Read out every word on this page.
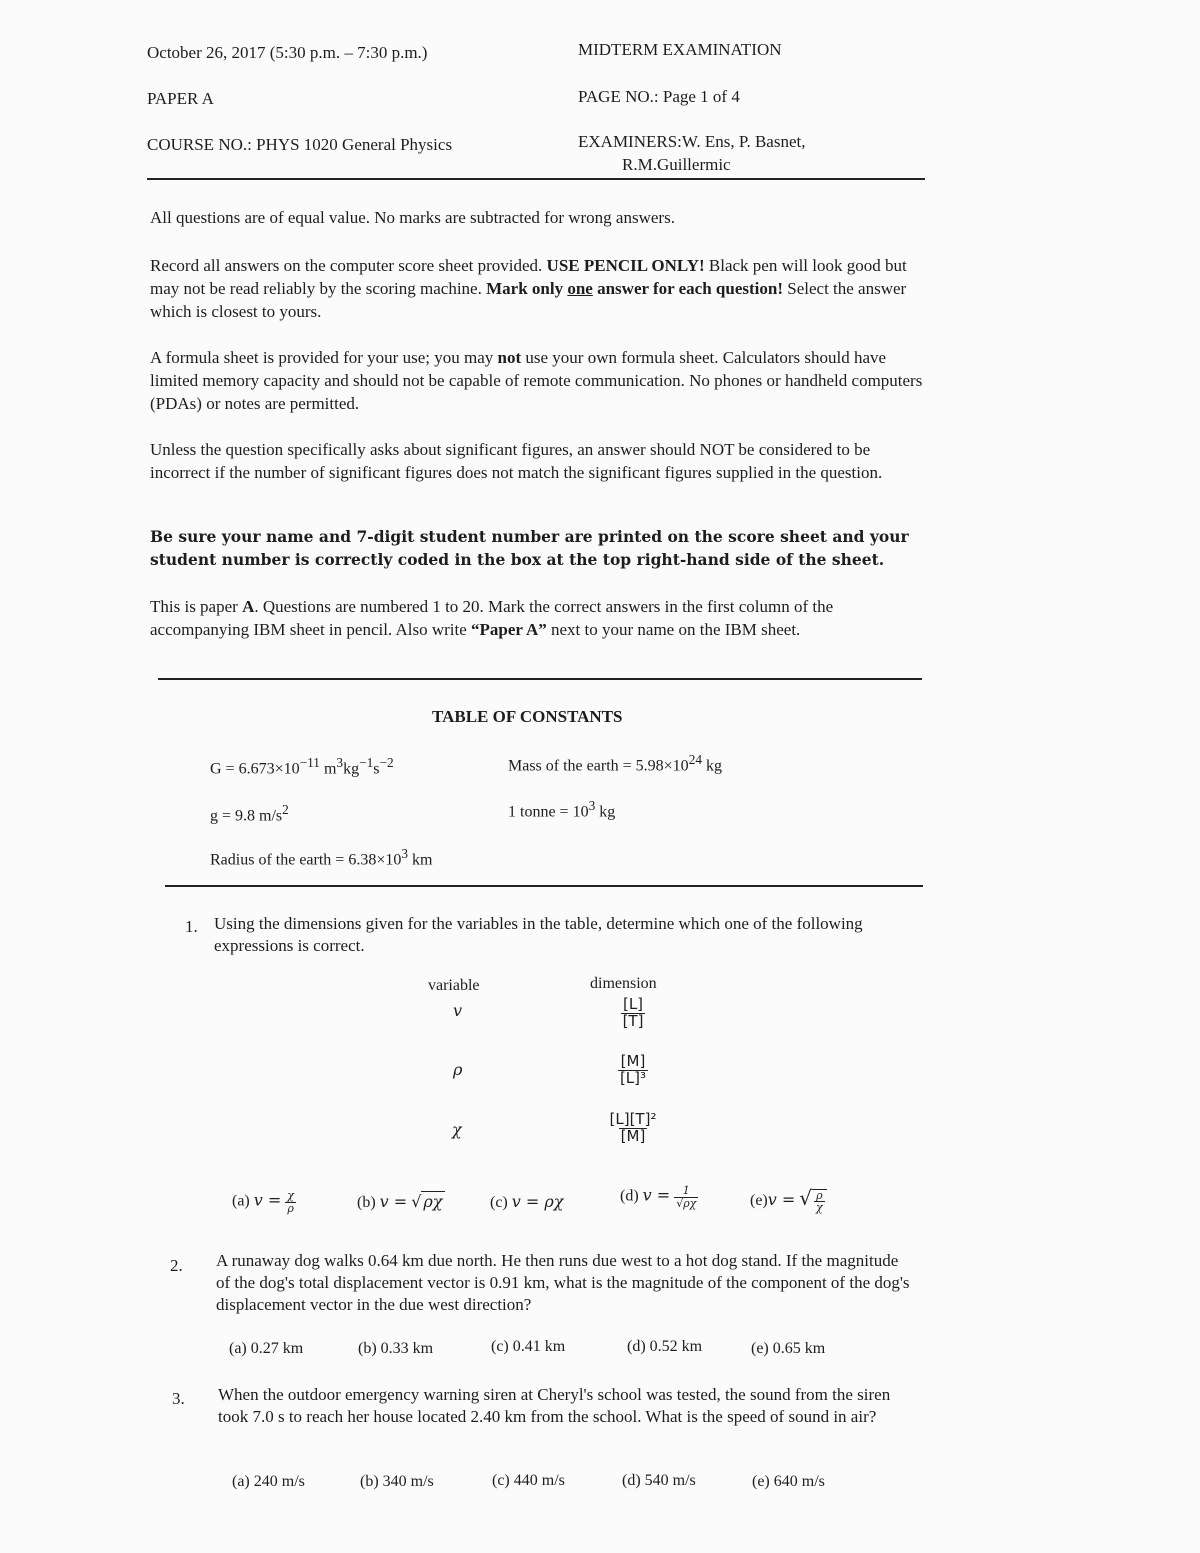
October 26, 2017 (5:30 p.m. – 7:30 p.m.)	MIDTERM EXAMINATION
PAPER A	PAGE NO.: Page 1 of 4
COURSE NO.: PHYS 1020 General Physics	EXAMINERS:W. Ens, P. Basnet,
R.M.Guillermic
All questions are of equal value. No marks are subtracted for wrong answers.
Record all answers on the computer score sheet provided. USE PENCIL ONLY! Black pen will look good but may not be read reliably by the scoring machine. Mark only one answer for each question! Select the answer which is closest to yours.
A formula sheet is provided for your use; you may not use your own formula sheet. Calculators should have limited memory capacity and should not be capable of remote communication. No phones or handheld computers (PDAs) or notes are permitted.
Unless the question specifically asks about significant figures, an answer should NOT be considered to be incorrect if the number of significant figures does not match the significant figures supplied in the question.
Be sure your name and 7-digit student number are printed on the score sheet and your student number is correctly coded in the box at the top right-hand side of the sheet.
This is paper A. Questions are numbered 1 to 20. Mark the correct answers in the first column of the accompanying IBM sheet in pencil. Also write “Paper A” next to your name on the IBM sheet.
TABLE OF CONSTANTS
$G = 6.673\times 10^{-11}$ $m^3kg^{-1}s^{-2}$	Mass of the earth = $5.98\times 10^{24}$ kg
g = 9.8 $m/s^2$	1 tonne = $10^3$ kg
Radius of the earth = $6.38\times 10^3$ km
1. Using the dimensions given for the variables in the table, determine which one of the following expressions is correct.
variable	dimension
v	$\frac{[L]}{[T]}$
ρ	$\frac{[M]}{\text{[L]³}}$
χ	$\frac{\text{[L][T]²}}{[M]}$
(a) $v = \frac{\chi}{\rho}$	(b) v = √ ρχ	(c) v = ρχ	(d) $v = \frac{1}{√\rho\chi}$	(e)v = √ $\frac{\rho}{\chi}$
2. A runaway dog walks 0.64 km due north. He then runs due west to a hot dog stand. If the magnitude of the dog's total displacement vector is 0.91 km, what is the magnitude of the component of the dog's displacement vector in the due west direction?
(a) 0.27 km	(b) 0.33 km	(c) 0.41 km	(d) 0.52 km	(e) 0.65 km
3. When the outdoor emergency warning siren at Cheryl's school was tested, the sound from the siren took 7.0 s to reach her house located 2.40 km from the school. What is the speed of sound in air?
(a) 240 m/s	(b) 340 m/s	(c) 440 m/s	(d) 540 m/s	(e) 640 m/s
